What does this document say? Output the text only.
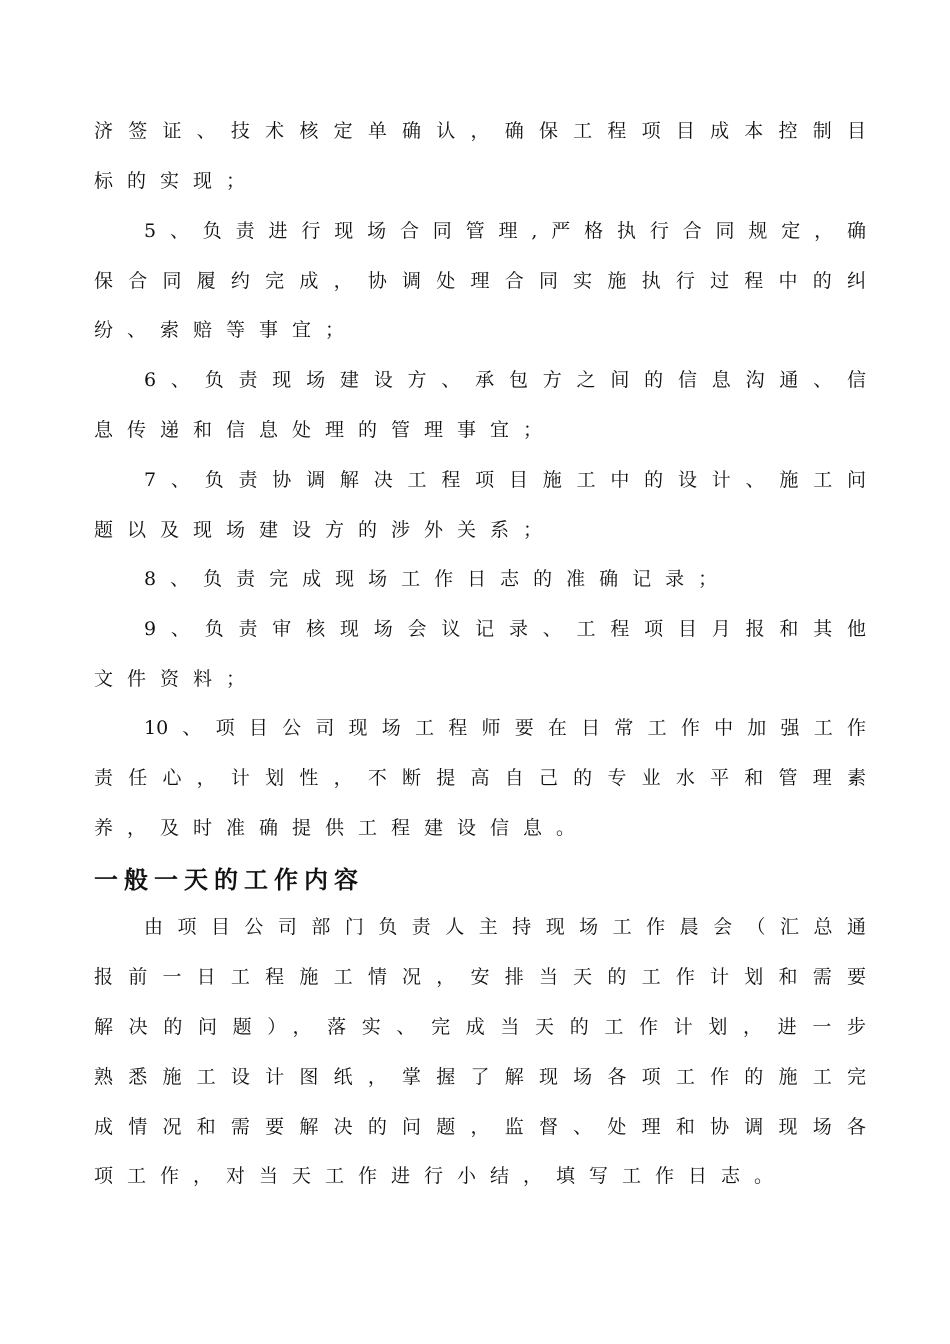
济签证、技术核定单确认，确保工程项目成本控制目
标的实现；
5、负责进行现场合同管理,严格执行合同规定，确
保合同履约完成，协调处理合同实施执行过程中的纠
纷、索赔等事宜；
6、负责现场建设方、承包方之间的信息沟通、信
息传递和信息处理的管理事宜；
7、负责协调解决工程项目施工中的设计、施工问
题以及现场建设方的涉外关系；
8、负责完成现场工作日志的准确记录；
9、负责审核现场会议记录、工程项目月报和其他
文件资料；
10、项目公司现场工程师要在日常工作中加强工作
责任心，计划性，不断提高自己的专业水平和管理素
养，及时准确提供工程建设信息。
一般一天的工作内容
由项目公司部门负责人主持现场工作晨会（汇总通
报前一日工程施工情况，安排当天的工作计划和需要
解决的问题），落实、完成当天的工作计划，进一步
熟悉施工设计图纸，掌握了解现场各项工作的施工完
成情况和需要解决的问题，监督、处理和协调现场各
项工作，对当天工作进行小结，填写工作日志。
